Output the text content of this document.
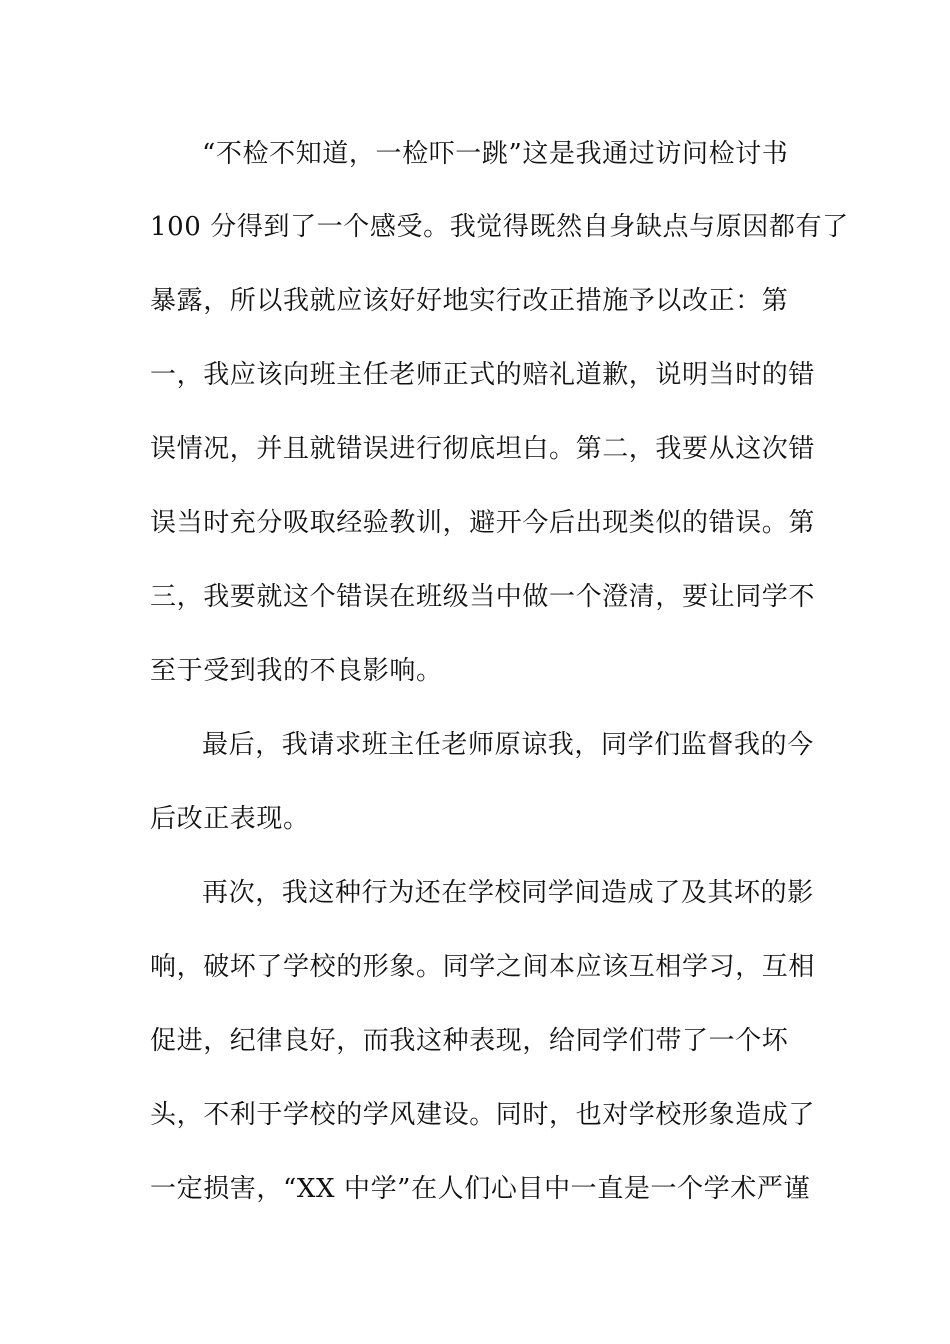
“不检不知道，一检吓一跳”这是我通过访问检讨书
100 分得到了一个感受。我觉得既然自身缺点与原因都有了
暴露，所以我就应该好好地实行改正措施予以改正：第
一，我应该向班主任老师正式的赔礼道歉，说明当时的错
误情况，并且就错误进行彻底坦白。第二，我要从这次错
误当时充分吸取经验教训，避开今后出现类似的错误。第
三，我要就这个错误在班级当中做一个澄清，要让同学不
至于受到我的不良影响。
最后，我请求班主任老师原谅我，同学们监督我的今
后改正表现。
再次，我这种行为还在学校同学间造成了及其坏的影
响，破坏了学校的形象。同学之间本应该互相学习，互相
促进，纪律良好，而我这种表现，给同学们带了一个坏
头，不利于学校的学风建设。同时，也对学校形象造成了
一定损害，“XX 中学”在人们心目中一直是一个学术严谨
